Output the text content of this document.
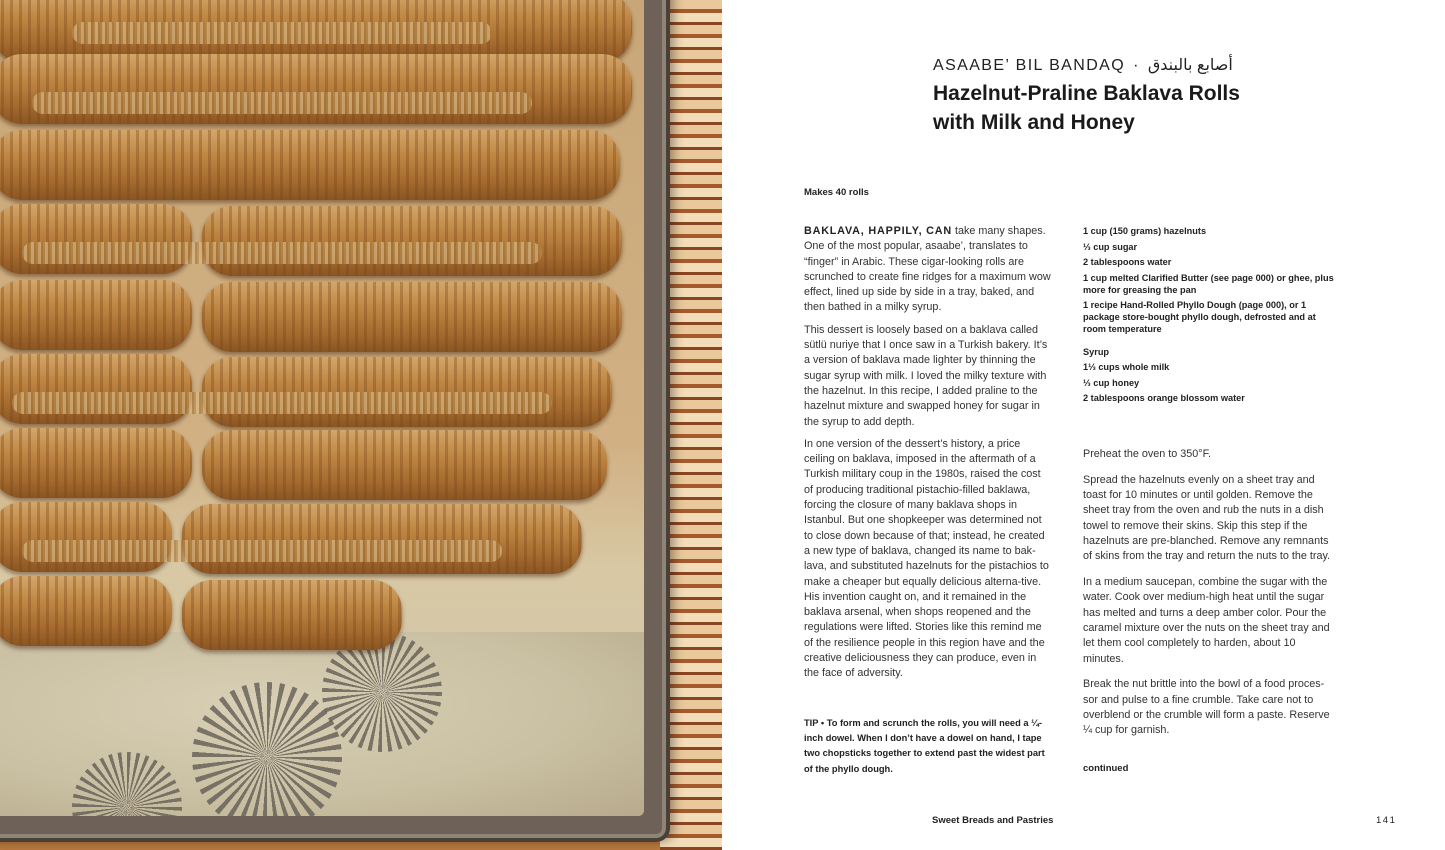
ASAABE’ BIL BANDAQ · أصابع بالبندق
Hazelnut-Praline Baklava Rolls with Milk and Honey
Makes 40 rolls

BAKLAVA, HAPPILY, CAN take many shapes. One of the most popular, asaabe’, translates to “finger” in Arabic. These cigar-looking rolls are scrunched to create fine ridges for a maximum wow effect, lined up side by side in a tray, baked, and then bathed in a milky syrup.

This dessert is loosely based on a baklava called sütlü nuriye that I once saw in a Turkish bakery. It’s a version of baklava made lighter by thinning the sugar syrup with milk. I loved the milky texture with the hazelnut. In this recipe, I added praline to the hazelnut mixture and swapped honey for sugar in the syrup to add depth.

In one version of the dessert’s history, a price ceiling on baklava, imposed in the aftermath of a Turkish military coup in the 1980s, raised the cost of producing traditional pistachio-filled baklawa, forcing the closure of many baklava shops in Istanbul. But one shopkeeper was determined not to close down because of that; instead, he created a new type of baklava, changed its name to bak-lava, and substituted hazelnuts for the pistachios to make a cheaper but equally delicious alterna-tive. His invention caught on, and it remained in the baklava arsenal, when shops reopened and the regulations were lifted. Stories like this remind me of the resilience people in this region have and the creative deliciousness they can produce, even in the face of adversity.

TIP • To form and scrunch the rolls, you will need a ¼-inch dowel. When I don’t have a dowel on hand, I tape two chopsticks together to extend past the widest part of the phyllo dough.
1 cup (150 grams) hazelnuts
⅓ cup sugar
2 tablespoons water
1 cup melted Clarified Butter (see page 000) or ghee, plus more for greasing the pan
1 recipe Hand-Rolled Phyllo Dough (page 000), or 1 package store-bought phyllo dough, defrosted and at room temperature
Syrup
1⅓ cups whole milk
⅓ cup honey
2 tablespoons orange blossom water

Preheat the oven to 350°F.

Spread the hazelnuts evenly on a sheet tray and toast for 10 minutes or until golden. Remove the sheet tray from the oven and rub the nuts in a dish towel to remove their skins. Skip this step if the hazelnuts are pre-blanched. Remove any remnants of skins from the tray and return the nuts to the tray.

In a medium saucepan, combine the sugar with the water. Cook over medium-high heat until the sugar has melted and turns a deep amber color. Pour the caramel mixture over the nuts on the sheet tray and let them cool completely to harden, about 10 minutes.

Break the nut brittle into the bowl of a food proces-sor and pulse to a fine crumble. Take care not to overblend or the crumble will form a paste. Reserve ¼ cup for garnish.

continued
Sweet Breads and Pastries	141
